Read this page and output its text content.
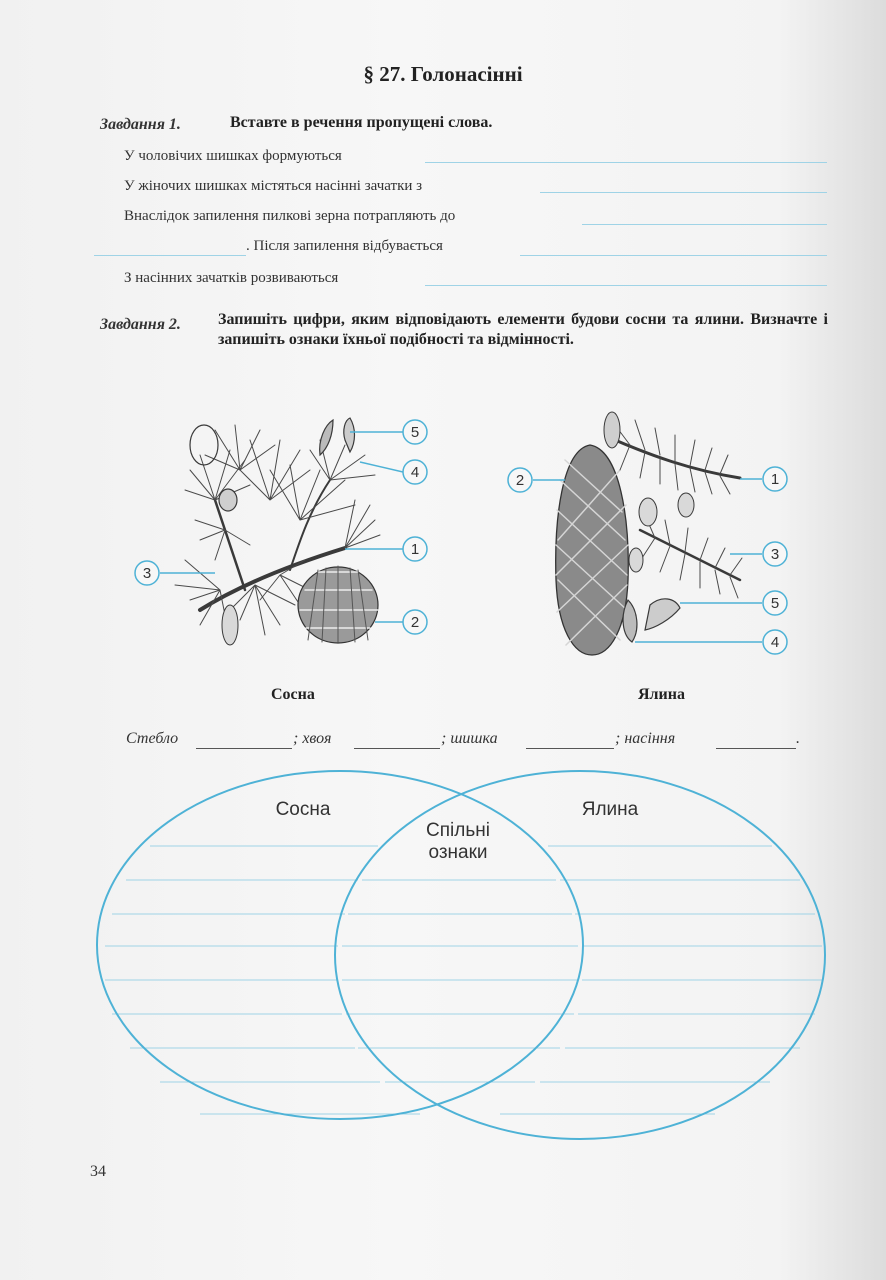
§ 27. Голонасінні
Завдання 1.	Вставте в речення пропущені слова.
У чоловічих шишках формуються
У жіночих шишках містяться насінні зачатки з
Внаслідок запилення пилкові зерна потрапляють до
. Після запилення відбувається
З насінних зачатків розвиваються
Завдання 2. Запишіть цифри, яким відповідають елементи будови сосни та ялини. Визначте і запишіть ознаки їхньої подібності та відмінності.
5
4
1
3
2
2	1
3
5
4
Сосна	Ялина
Спільні
ознаки
Сосна	Ялина
Стебло	; хвоя	; шишка	; насіння	.
34
